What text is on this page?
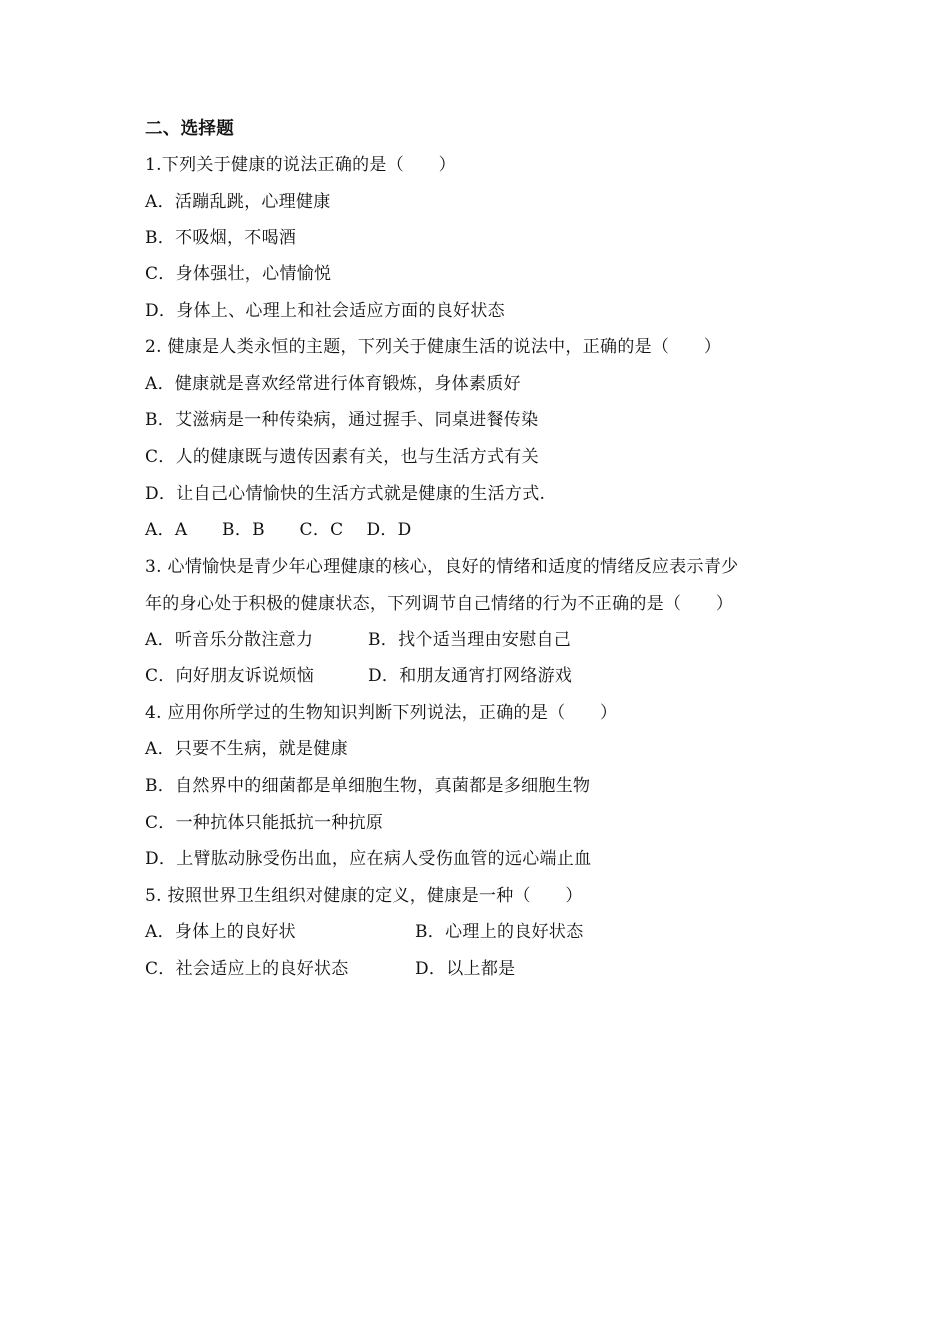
二、选择题
1.下列关于健康的说法正确的是（　　）
A．活蹦乱跳，心理健康
B．不吸烟，不喝酒
C．身体强壮，心情愉悦
D．身体上、心理上和社会适应方面的良好状态
2. 健康是人类永恒的主题，下列关于健康生活的说法中，正确的是（　　）
A．健康就是喜欢经常进行体育锻炼，身体素质好
B．艾滋病是一种传染病，通过握手、同桌进餐传染
C．人的健康既与遗传因素有关，也与生活方式有关
D．让自己心情愉快的生活方式就是健康的生活方式.
A．A　　B．B　　C．C　 D．D
3. 心情愉快是青少年心理健康的核心，良好的情绪和适度的情绪反应表示青少
年的身心处于积极的健康状态，下列调节自己情绪的行为不正确的是（　　）
A．听音乐分散注意力	B．找个适当理由安慰自己
C．向好朋友诉说烦恼	D．和朋友通宵打网络游戏
4. 应用你所学过的生物知识判断下列说法，正确的是（　　）
A．只要不生病，就是健康
B．自然界中的细菌都是单细胞生物，真菌都是多细胞生物
C．一种抗体只能抵抗一种抗原
D．上臂肱动脉受伤出血，应在病人受伤血管的远心端止血
5. 按照世界卫生组织对健康的定义，健康是一种（　　）
A．身体上的良好状	B．心理上的良好状态
C．社会适应上的良好状态	D．以上都是
